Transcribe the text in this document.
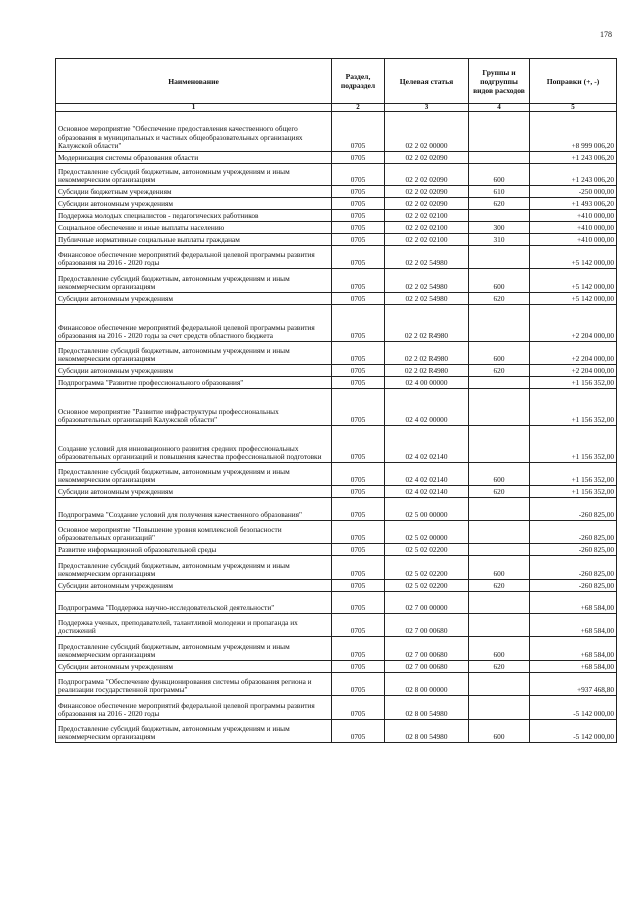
178
Наименование	Раздел, подраздел	Целевая статья	Группы и подгруппы видов расходов	Поправки (+, -)
1	2	3	4	5
Основное мероприятие "Обеспечение предоставления качественного общего образования в муниципальных и частных общеобразовательных организациях Калужской области"	0705	02 2 02 00000		+8 999 006,20
Модернизация системы образования области	0705	02 2 02 02090		+1 243 006,20
Предоставление субсидий бюджетным, автономным учреждениям и иным некоммерческим организациям	0705	02 2 02 02090	600	+1 243 006,20
Субсидии бюджетным учреждениям	0705	02 2 02 02090	610	-250 000,00
Субсидии автономным учреждениям	0705	02 2 02 02090	620	+1 493 006,20
Поддержка молодых специалистов - педагогических работников	0705	02 2 02 02100		+410 000,00
Социальное обеспечение и иные выплаты населению	0705	02 2 02 02100	300	+410 000,00
Публичные нормативные социальные выплаты гражданам	0705	02 2 02 02100	310	+410 000,00
Финансовое обеспечение мероприятий федеральной целевой программы развития образования на 2016 - 2020 годы	0705	02 2 02 54980		+5 142 000,00
Предоставление субсидий бюджетным, автономным учреждениям и иным некоммерческим организациям	0705	02 2 02 54980	600	+5 142 000,00
Субсидии автономным учреждениям	0705	02 2 02 54980	620	+5 142 000,00
Финансовое обеспечение мероприятий федеральной целевой программы развития образования на 2016 - 2020 годы за счет средств областного бюджета	0705	02 2 02 R4980		+2 204 000,00
Предоставление субсидий бюджетным, автономным учреждениям и иным некоммерческим организациям	0705	02 2 02 R4980	600	+2 204 000,00
Субсидии автономным учреждениям	0705	02 2 02 R4980	620	+2 204 000,00
Подпрограмма "Развитие профессионального образования"	0705	02 4 00 00000		+1 156 352,00
Основное мероприятие "Развитие инфраструктуры профессиональных образовательных организаций Калужской области"	0705	02 4 02 00000		+1 156 352,00
Создание условий для инновационного развития средних профессиональных образовательных организаций и повышения качества профессиональной подготовки	0705	02 4 02 02140		+1 156 352,00
Предоставление субсидий бюджетным, автономным учреждениям и иным некоммерческим организациям	0705	02 4 02 02140	600	+1 156 352,00
Субсидии автономным учреждениям	0705	02 4 02 02140	620	+1 156 352,00
Подпрограмма "Создание условий для получения качественного образования"	0705	02 5 00 00000		-260 825,00
Основное мероприятие "Повышение уровня комплексной безопасности образовательных организаций"	0705	02 5 02 00000		-260 825,00
Развитие информационной образовательной среды	0705	02 5 02 02200		-260 825,00
Предоставление субсидий бюджетным, автономным учреждениям и иным некоммерческим организациям	0705	02 5 02 02200	600	-260 825,00
Субсидии автономным учреждениям	0705	02 5 02 02200	620	-260 825,00
Подпрограмма "Поддержка научно-исследовательской деятельности"	0705	02 7 00 00000		+68 584,00
Поддержка ученых, преподавателей, талантливой молодежи и пропаганда их достижений	0705	02 7 00 00680		+68 584,00
Предоставление субсидий бюджетным, автономным учреждениям и иным некоммерческим организациям	0705	02 7 00 00680	600	+68 584,00
Субсидии автономным учреждениям	0705	02 7 00 00680	620	+68 584,00
Подпрограмма "Обеспечение функционирования системы образования региона и реализации государственной программы"	0705	02 8 00 00000		+937 468,80
Финансовое обеспечение мероприятий федеральной целевой программы развития образования на 2016 - 2020 годы	0705	02 8 00 54980		-5 142 000,00
Предоставление субсидий бюджетным, автономным учреждениям и иным некоммерческим организациям	0705	02 8 00 54980	600	-5 142 000,00
